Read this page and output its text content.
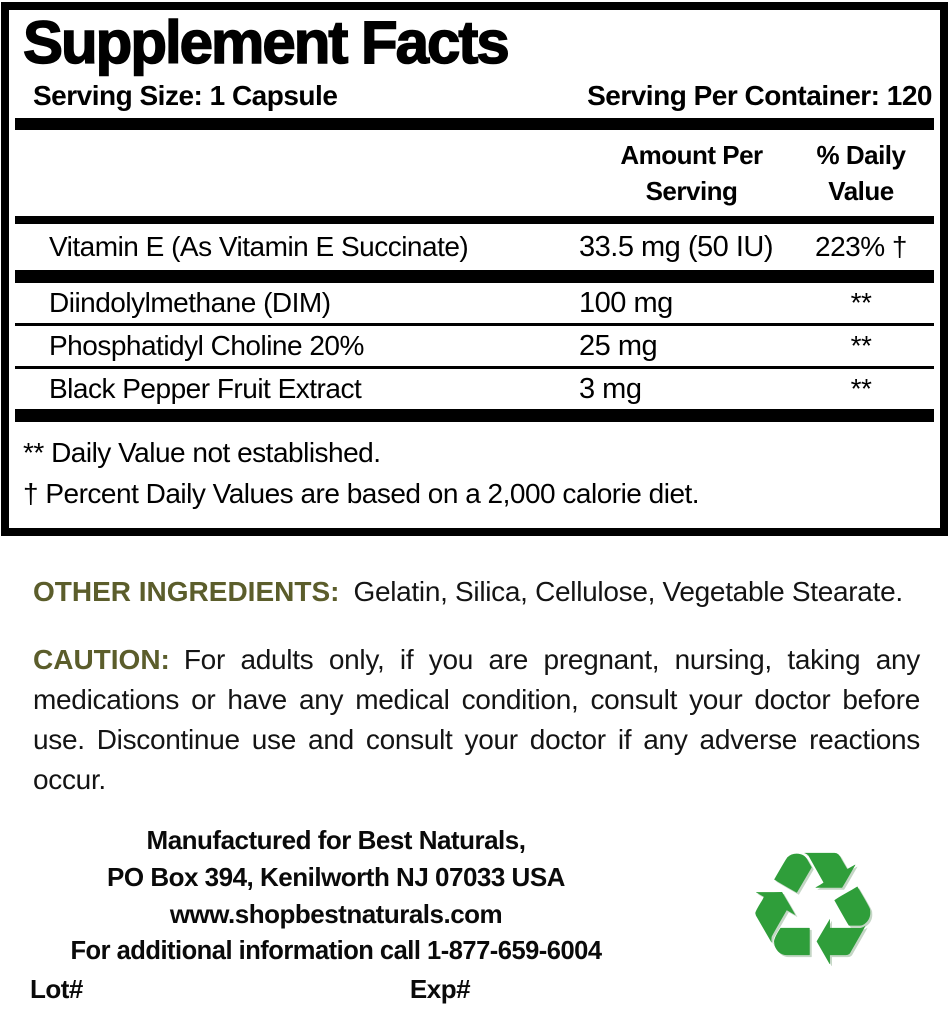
Supplement Facts
Serving Size: 1 Capsule	Serving Per Container: 120
Amount Per Serving
% Daily Value
Vitamin E (As Vitamin E Succinate)	33.5 mg (50 IU)	223% †
Diindolylmethane (DIM)	100 mg	**
Phosphatidyl Choline 20%	25 mg	**
Black Pepper Fruit Extract	3 mg	**

** Daily Value not established.

† Percent Daily Values are based on a 2,000 calorie diet.

OTHER INGREDIENTS: Gelatin, Silica, Cellulose, Vegetable Stearate.

CAUTION: For adults only, if you are pregnant, nursing, taking any medications or have any medical condition, consult your doctor before use. Discontinue use and consult your doctor if any adverse reactions occur.

Manufactured for Best Naturals,

PO Box 394, Kenilworth NJ 07033 USA

www.shopbestnaturals.com

For additional information call 1-877-659-6004

Lot#	Exp# ♻
